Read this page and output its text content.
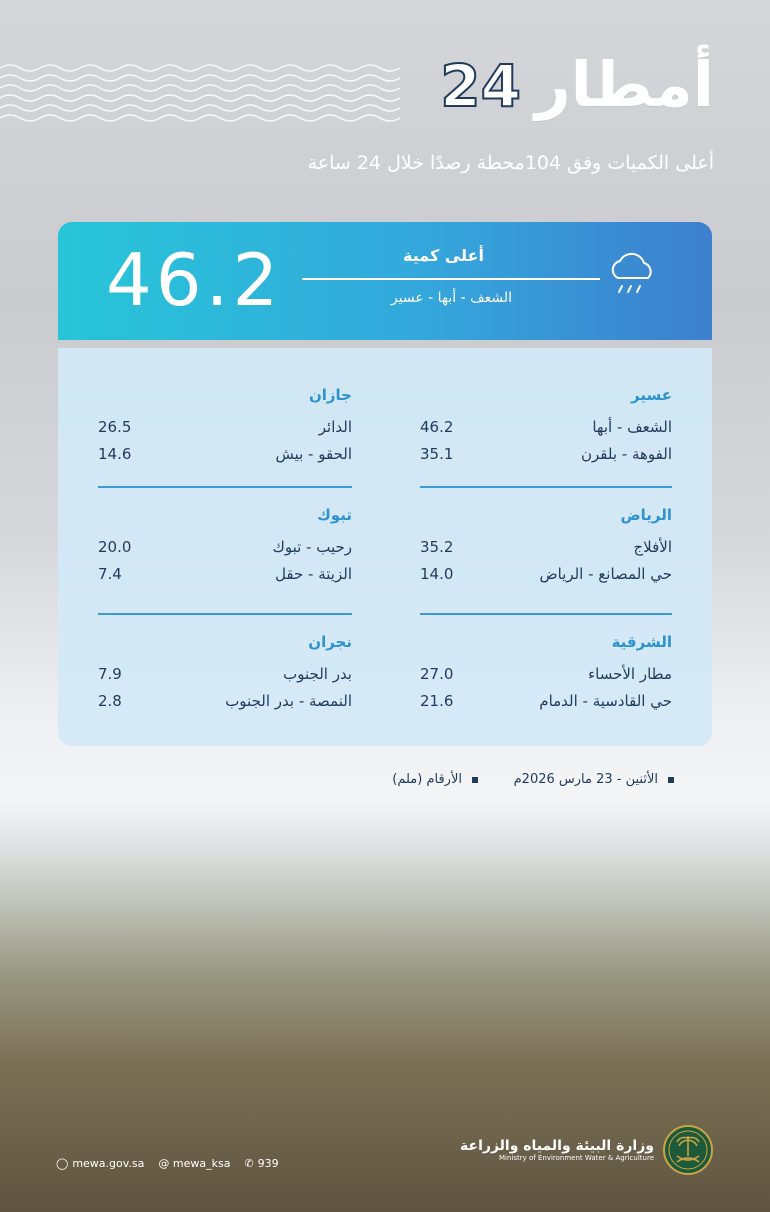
24 أمطار
أعلى الكميات وفق 104محطة رصدًا خلال 24 ساعة
46.2	أعلى كمية
الشعف - أبها - عسير
عسير
الشعف - أبها
46.2
الفوهة - بلقرن
35.1
الرياض
الأفلاج
35.2
حي المصانع - الرياض
14.0
الشرقية
مطار الأحساء
27.0
حي القادسية - الدمام
21.6
جازان
الدائر
26.5
الحقو - بيش
14.6
تبوك
رحيب - تبوك
20.0
الزيتة - حقل
7.4
نجران
بدر الجنوب
7.9
النمصة - بدر الجنوب
2.8
الأثنين - 23 مارس 2026م
الأرقام (ملم)
وزارة البيئة والمياه والزراعة
Ministry of Environment Water & Agriculture
◯ mewa.gov.sa @ mewa_ksa ✆ 939
